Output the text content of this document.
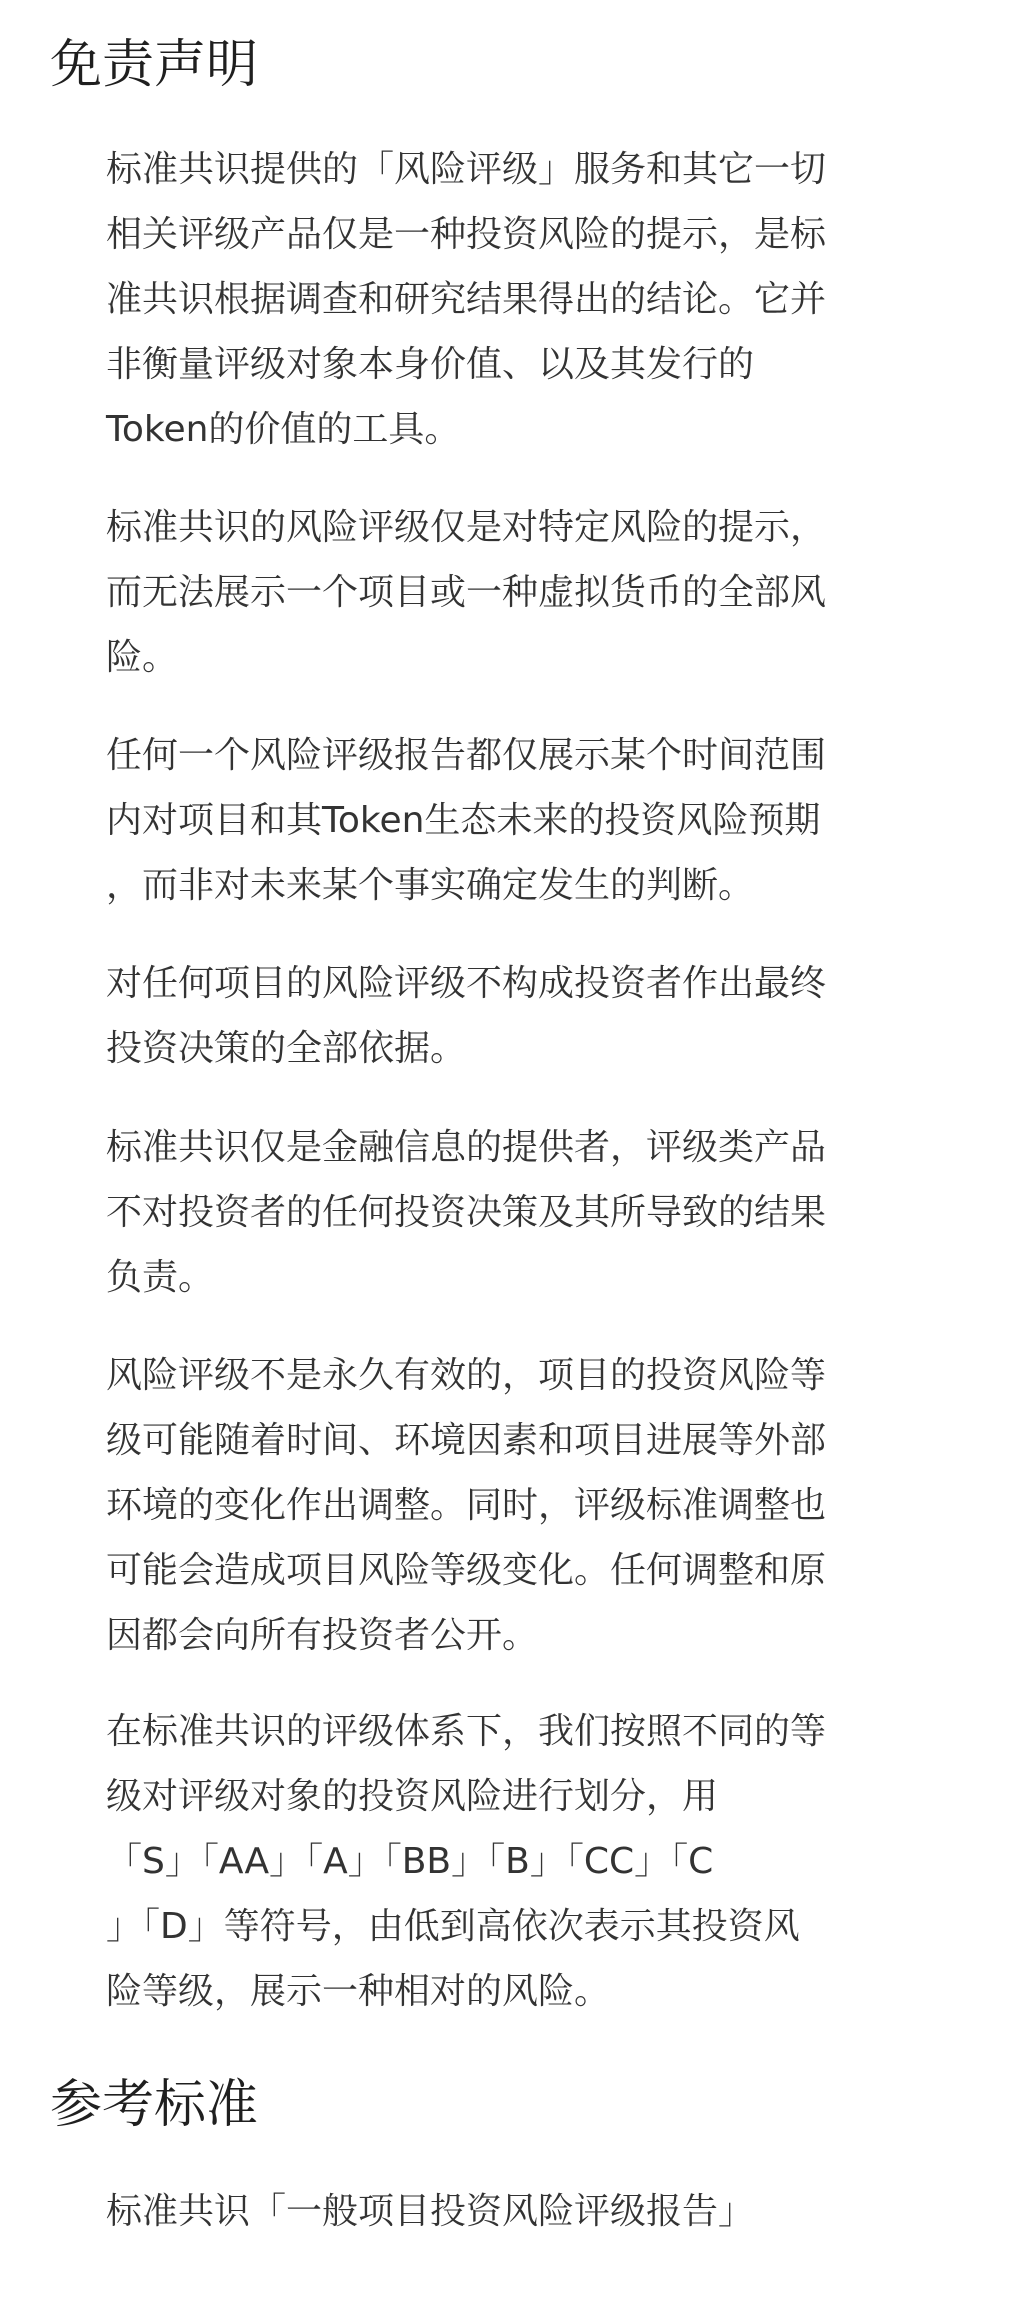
免责声明
标准共识提供的「风险评级」服务和其它一切
相关评级产品仅是一种投资风险的提示，是标
准共识根据调查和研究结果得出的结论。它并
非衡量评级对象本身价值、以及其发行的
Token的价值的工具。
标准共识的风险评级仅是对特定风险的提示，
而无法展示一个项目或一种虚拟货币的全部风
险。
任何一个风险评级报告都仅展示某个时间范围
内对项目和其Token生态未来的投资风险预期
，而非对未来某个事实确定发生的判断。
对任何项目的风险评级不构成投资者作出最终
投资决策的全部依据。
标准共识仅是金融信息的提供者，评级类产品
不对投资者的任何投资决策及其所导致的结果
负责。
风险评级不是永久有效的，项目的投资风险等
级可能随着时间、环境因素和项目进展等外部
环境的变化作出调整。同时，评级标准调整也
可能会造成项目风险等级变化。任何调整和原
因都会向所有投资者公开。
在标准共识的评级体系下，我们按照不同的等
级对评级对象的投资风险进行划分，用
「S」「AA」「A」「BB」「B」「CC」「C
」「D」等符号，由低到高依次表示其投资风
险等级，展示一种相对的风险。
参考标准
标准共识「一般项目投资风险评级报告」
